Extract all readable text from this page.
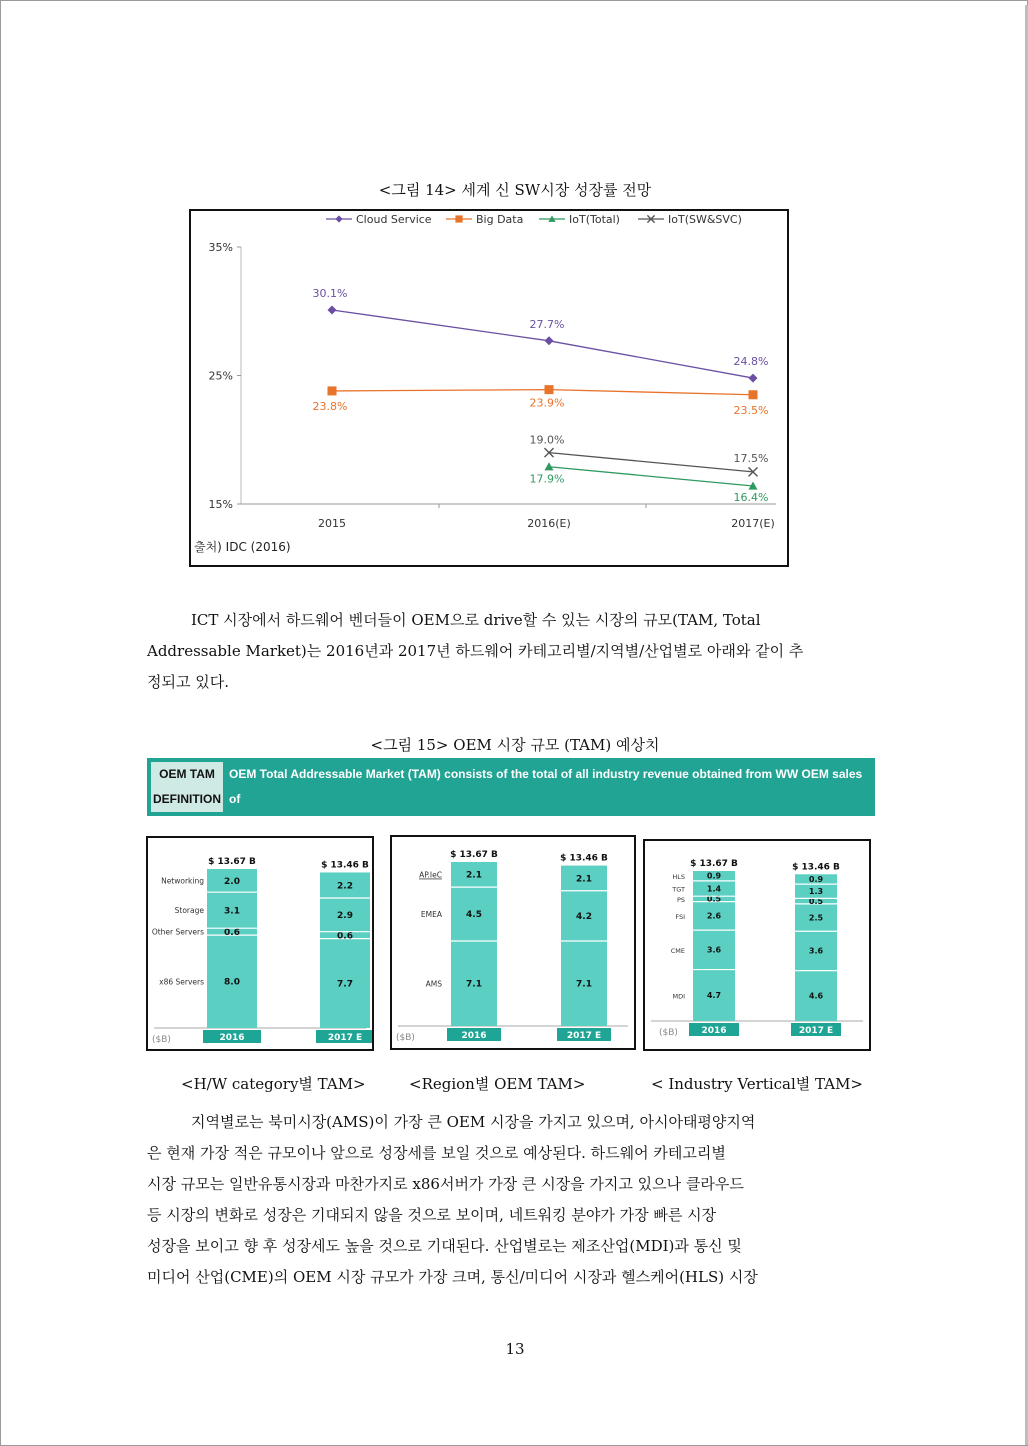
<그림 14> 세계 신 SW시장 성장률 전망
Cloud Service	Big Data	IoT(Total)	IoT(SW&SVC)
15%
25%
35%
2015	2016(E)	2017(E)
30.1%
27.7%
24.8%
23.8%	23.9%
23.5%
17.9%
16.4%
19.0%
17.5%
출처) IDC (2016)

ICT 시장에서 하드웨어 벤더들이 OEM으로 drive할 수 있는 시장의 규모(TAM, Total

Addressable Market)는 2016년과 2017년 하드웨어 카테고리별/지역별/산업별로 아래와 같이 추

정되고 있다.

<그림 15> OEM 시장 규모 (TAM) 예상치
OEM TAM
DEFINITION
OEM Total Addressable Market (TAM) consists of the total of all industry revenue obtained from WW OEM sales of
Servers (Other Servers and x86), a portion of WhiteBox, Storage & Networking
8.0
0.6
3.1
2.0
$ 13.67 B
2016
7.7
0.6
2.9
2.2
$ 13.46 B
2017 E
x86 Servers
Other Servers
Storage
Networking
($B)
7.1
4.5
2.1
$ 13.67 B
2016
7.1
4.2
2.1
$ 13.46 B
2017 E
AMS
EMEA
AP.IeC
($B)
4.7
3.6
2.6
0.5
1.4
0.9
$ 13.67 B
2016
4.6
3.6
2.5
0.5
1.3
0.9
$ 13.46 B
2017 E
MDI
CME
FSI
PS
TGT
HLS
($B)
<H/W category별 TAM>	<Region별 OEM TAM>	< Industry Vertical별 TAM>

지역별로는 북미시장(AMS)이 가장 큰 OEM 시장을 가지고 있으며, 아시아태평양지역

은 현재 가장 적은 규모이나 앞으로 성장세를 보일 것으로 예상된다. 하드웨어 카테고리별

시장 규모는 일반유통시장과 마찬가지로 x86서버가 가장 큰 시장을 가지고 있으나 클라우드

등 시장의 변화로 성장은 기대되지 않을 것으로 보이며, 네트워킹 분야가 가장 빠른 시장

성장을 보이고 향 후 성장세도 높을 것으로 기대된다. 산업별로는 제조산업(MDI)과 통신 및

미디어 산업(CME)의 OEM 시장 규모가 가장 크며, 통신/미디어 시장과 헬스케어(HLS) 시장

13
